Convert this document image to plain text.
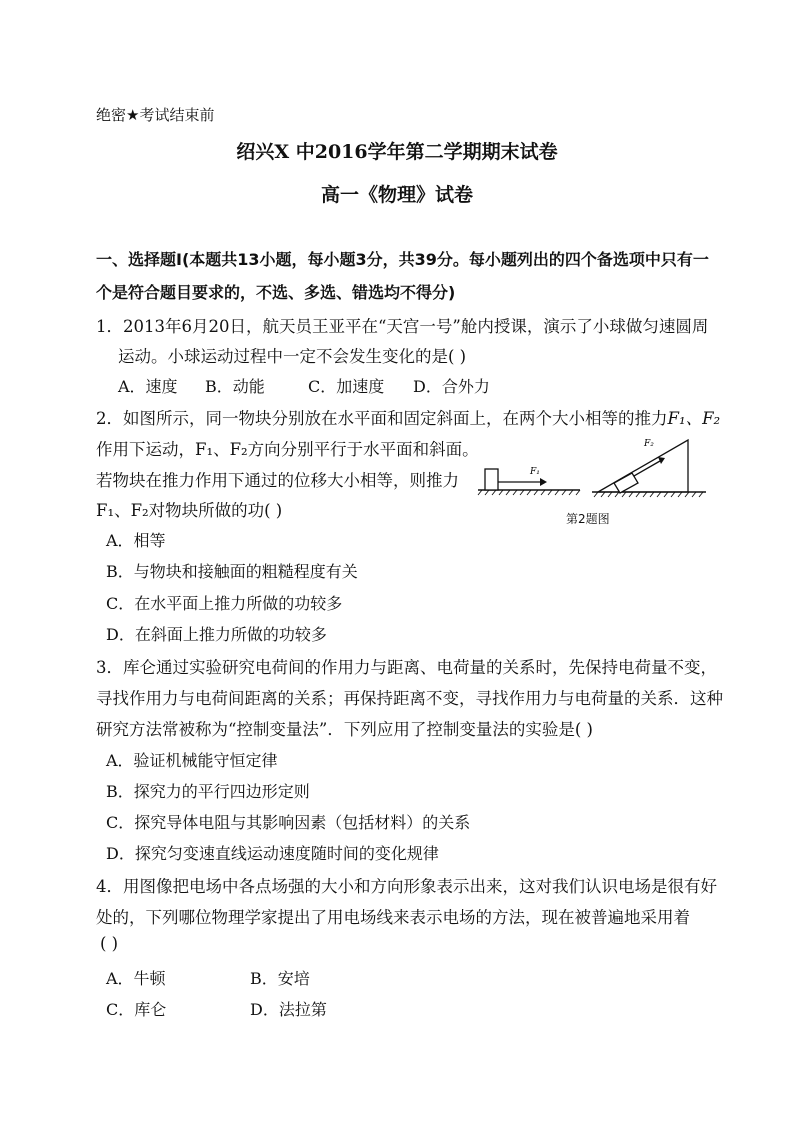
绝密★考试结束前
绍兴X 中2016学年第二学期期末试卷
高一《物理》试卷
一、选择题I(本题共13小题，每小题3分，共39分。每小题列出的四个备选项中只有一
个是符合题目要求的，不选、多选、错选均不得分)
1．2013年6月20日，航天员王亚平在“天宫一号”舱内授课，演示了小球做匀速圆周
运动。小球运动过程中一定不会发生变化的是( )
A．速度 B．动能	C．加速度 D．合外力
2．如图所示，同一物块分别放在水平面和固定斜面上，在两个大小相等的推力F₁、F₂
作用下运动，F₁、F₂方向分别平行于水平面和斜面。
若物块在推力作用下通过的位移大小相等，则推力
F₁、F₂对物块所做的功( )
A．相等
B．与物块和接触面的粗糙程度有关
C．在水平面上推力所做的功较多
D．在斜面上推力所做的功较多
F₁
F₂
第2题图
3．库仑通过实验研究电荷间的作用力与距离、电荷量的关系时，先保持电荷量不变，
寻找作用力与电荷间距离的关系；再保持距离不变，寻找作用力与电荷量的关系．这种
研究方法常被称为“控制变量法”．下列应用了控制变量法的实验是( )
A．验证机械能守恒定律
B．探究力的平行四边形定则
C．探究导体电阻与其影响因素（包括材料）的关系
D．探究匀变速直线运动速度随时间的变化规律
4．用图像把电场中各点场强的大小和方向形象表示出来，这对我们认识电场是很有好
处的，下列哪位物理学家提出了用电场线来表示电场的方法，现在被普遍地采用着
( )
A．牛顿	B．安培
C．库仑	D．法拉第
